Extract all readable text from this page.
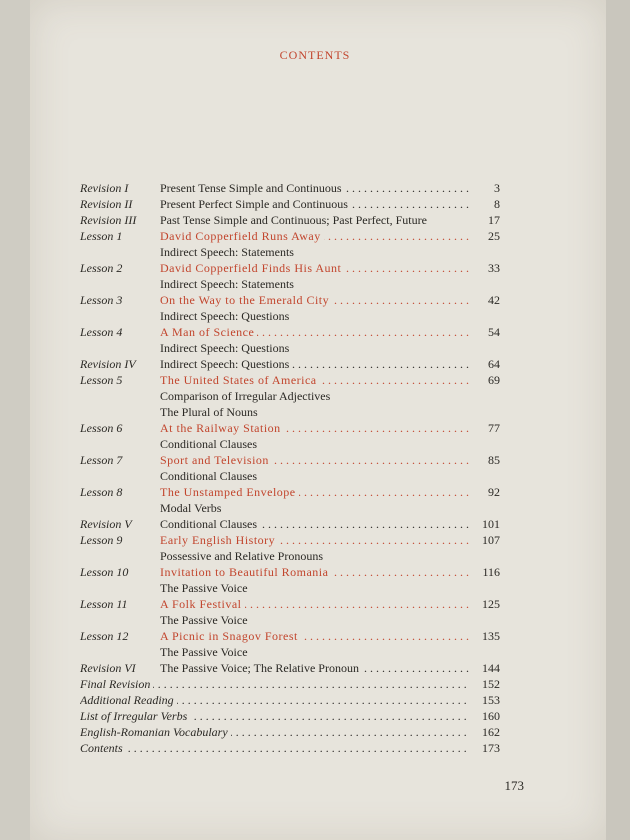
CONTENTS
Revision I . . .	Present Tense Simple and Continuous	3
Revision II . . . Present Perfect Simple and Continuous	8
Revision III Past Tense Simple and Continuous; Past Perfect, Future	17
Lesson 1 . . .	David Copperfield Runs Away	25
Indirect Speech: Statements
Lesson 2 . . .	David Copperfield Finds His Aunt	33
Indirect Speech: Statements
Lesson 3 . . .	On the Way to the Emerald City	42
Indirect Speech: Questions
Lesson 4 . . .	A Man of Science	54
Indirect Speech: Questions
Revision IV . . . Indirect Speech: Questions	64
Lesson 5 . . .	The United States of America	69
Comparison of Irregular Adjectives
The Plural of Nouns
Lesson 6 . . .	At the Railway Station	77
Conditional Clauses
Lesson 7 . . .	Sport and Television	85
Conditional Clauses
Lesson 8 . . .	The Unstamped Envelope	92
Modal Verbs
Revision V . . . Conditional Clauses	101
Lesson 9 . . .	Early English History	107
Possessive and Relative Pronouns
Lesson 10 . . .	Invitation to Beautiful Romania	116
The Passive Voice
Lesson 11 . . .	A Folk Festival	125
The Passive Voice
Lesson 12 . . .	A Picnic in Snagov Forest	135
The Passive Voice
Revision VI . . . The Passive Voice; The Relative Pronoun	144
. . .
Final Revision	152
. . .
Additional Reading	153
. . .
List of Irregular Verbs	160
. . .
English-Romanian Vocabulary	162
. . .
Contents	173
173
